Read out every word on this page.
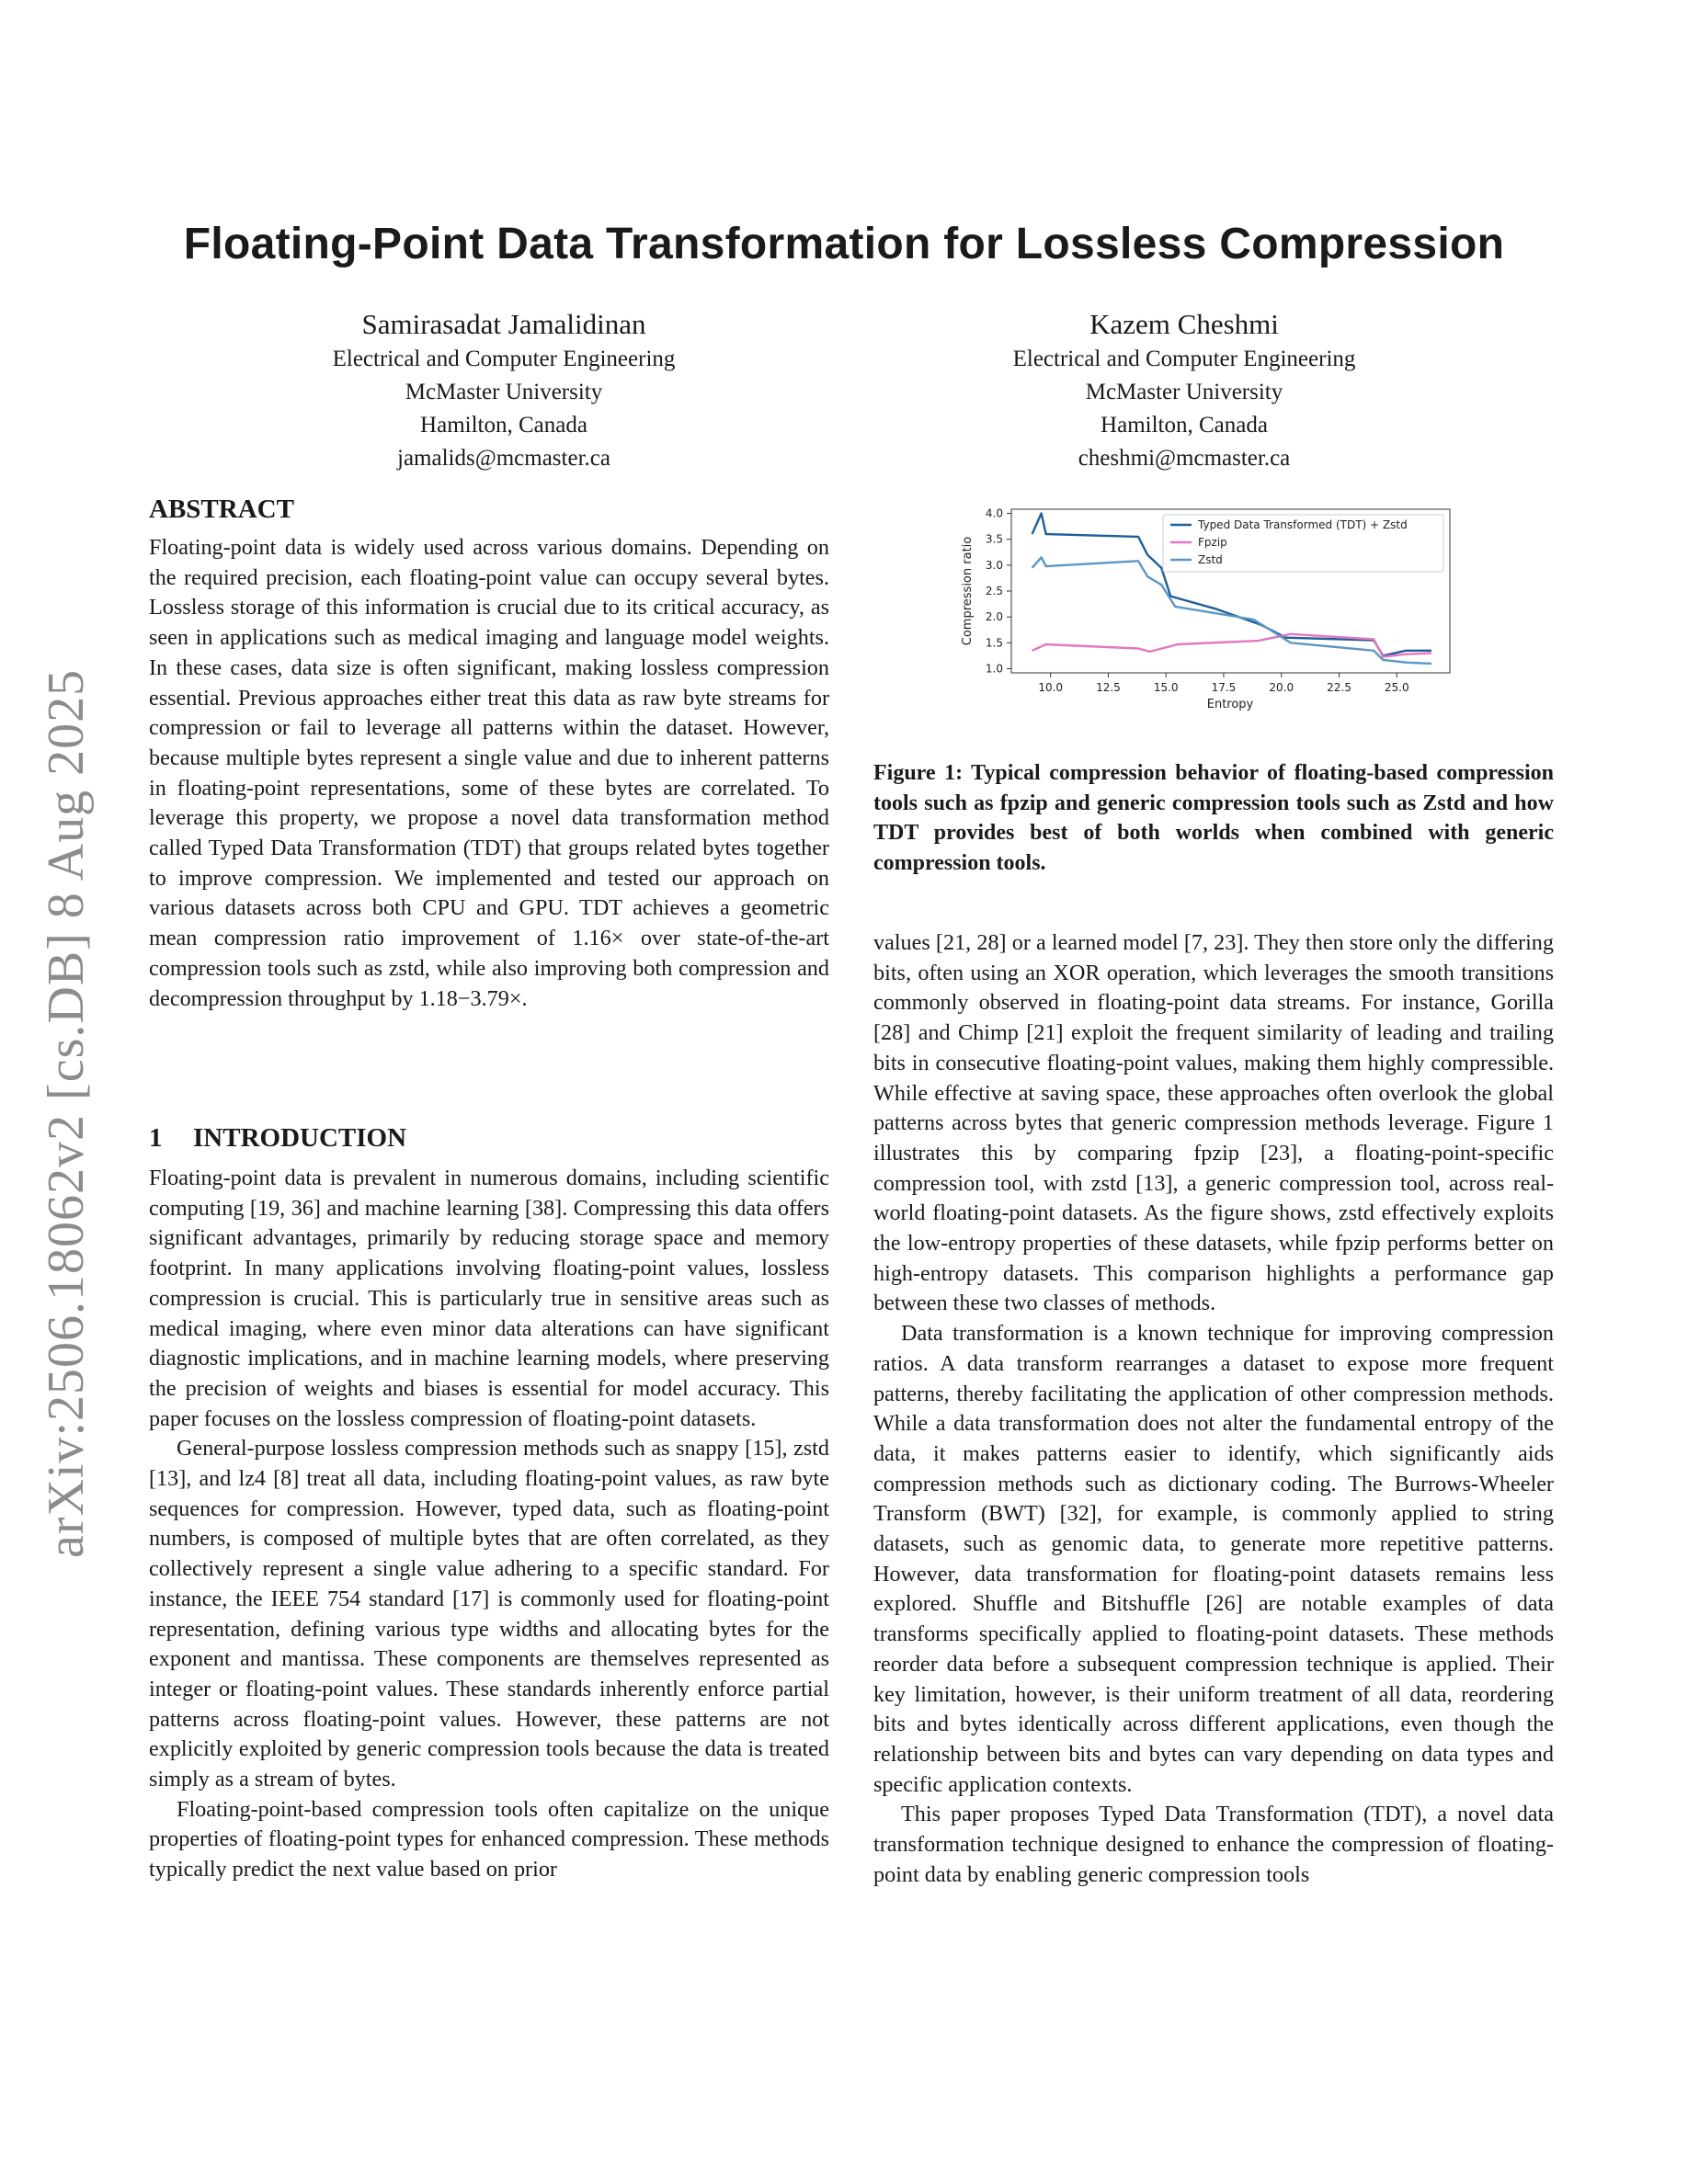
arXiv:2506.18062v2 [cs.DB] 8 Aug 2025
Floating-Point Data Transformation for Lossless Compression
Samirasadat Jamalidinan
Electrical and Computer Engineering
McMaster University
Hamilton, Canada
jamalids@mcmaster.ca
Kazem Cheshmi
Electrical and Computer Engineering
McMaster University
Hamilton, Canada
cheshmi@mcmaster.ca
ABSTRACT

Floating-point data is widely used across various domains. Depending on the required precision, each floating-point value can occupy several bytes. Lossless storage of this information is crucial due to its critical accuracy, as seen in applications such as medical imaging and language model weights. In these cases, data size is often significant, making lossless compression essential. Previous approaches either treat this data as raw byte streams for compression or fail to leverage all patterns within the dataset. However, because multiple bytes represent a single value and due to inherent patterns in floating-point representations, some of these bytes are correlated. To leverage this property, we propose a novel data transformation method called Typed Data Transformation (TDT) that groups related bytes together to improve compression. We implemented and tested our approach on various datasets across both CPU and GPU. TDT achieves a geometric mean compression ratio improvement of 1.16× over state-of-the-art compression tools such as zstd, while also improving both compression and decompression throughput by 1.18−3.79×.

1 INTRODUCTION

Floating-point data is prevalent in numerous domains, including scientific computing [19, 36] and machine learning [38]. Compressing this data offers significant advantages, primarily by reducing storage space and memory footprint. In many applications involving floating-point values, lossless compression is crucial. This is particularly true in sensitive areas such as medical imaging, where even minor data alterations can have significant diagnostic implications, and in machine learning models, where preserving the precision of weights and biases is essential for model accuracy. This paper focuses on the lossless compression of floating-point datasets.

General-purpose lossless compression methods such as snappy [15], zstd [13], and lz4 [8] treat all data, including floating-point values, as raw byte sequences for compression. However, typed data, such as floating-point numbers, is composed of multiple bytes that are often correlated, as they collectively represent a single value adhering to a specific standard. For instance, the IEEE 754 standard [17] is commonly used for floating-point representation, defining various type widths and allocating bytes for the exponent and mantissa. These components are themselves represented as integer or floating-point values. These standards inherently enforce partial patterns across floating-point values. However, these patterns are not explicitly exploited by generic compression tools because the data is treated simply as a stream of bytes.

Floating-point-based compression tools often capitalize on the unique properties of floating-point types for enhanced compression. These methods typically predict the next value based on prior

1.0
1.5
2.0
2.5
3.0
3.5
4.0
10.0	12.5	15.0	17.5	20.0	22.5	25.0
Typed Data Transformed (TDT) + Zstd
Fpzip
Zstd
Entropy
Compression ratio

Figure 1: Typical compression behavior of floating-based compression tools such as fpzip and generic compression tools such as Zstd and how TDT provides best of both worlds when combined with generic compression tools.

values [21, 28] or a learned model [7, 23]. They then store only the differing bits, often using an XOR operation, which leverages the smooth transitions commonly observed in floating-point data streams. For instance, Gorilla [28] and Chimp [21] exploit the frequent similarity of leading and trailing bits in consecutive floating-point values, making them highly compressible. While effective at saving space, these approaches often overlook the global patterns across bytes that generic compression methods leverage. Figure 1 illustrates this by comparing fpzip [23], a floating-point-specific compression tool, with zstd [13], a generic compression tool, across real-world floating-point datasets. As the figure shows, zstd effectively exploits the low-entropy properties of these datasets, while fpzip performs better on high-entropy datasets. This comparison highlights a performance gap between these two classes of methods.

Data transformation is a known technique for improving compression ratios. A data transform rearranges a dataset to expose more frequent patterns, thereby facilitating the application of other compression methods. While a data transformation does not alter the fundamental entropy of the data, it makes patterns easier to identify, which significantly aids compression methods such as dictionary coding. The Burrows-Wheeler Transform (BWT) [32], for example, is commonly applied to string datasets, such as genomic data, to generate more repetitive patterns. However, data transformation for floating-point datasets remains less explored. Shuffle and Bitshuffle [26] are notable examples of data transforms specifically applied to floating-point datasets. These methods reorder data before a subsequent compression technique is applied. Their key limitation, however, is their uniform treatment of all data, reordering bits and bytes identically across different applications, even though the relationship between bits and bytes can vary depending on data types and specific application contexts.

This paper proposes Typed Data Transformation (TDT), a novel data transformation technique designed to enhance the compression of floating-point data by enabling generic compression tools
